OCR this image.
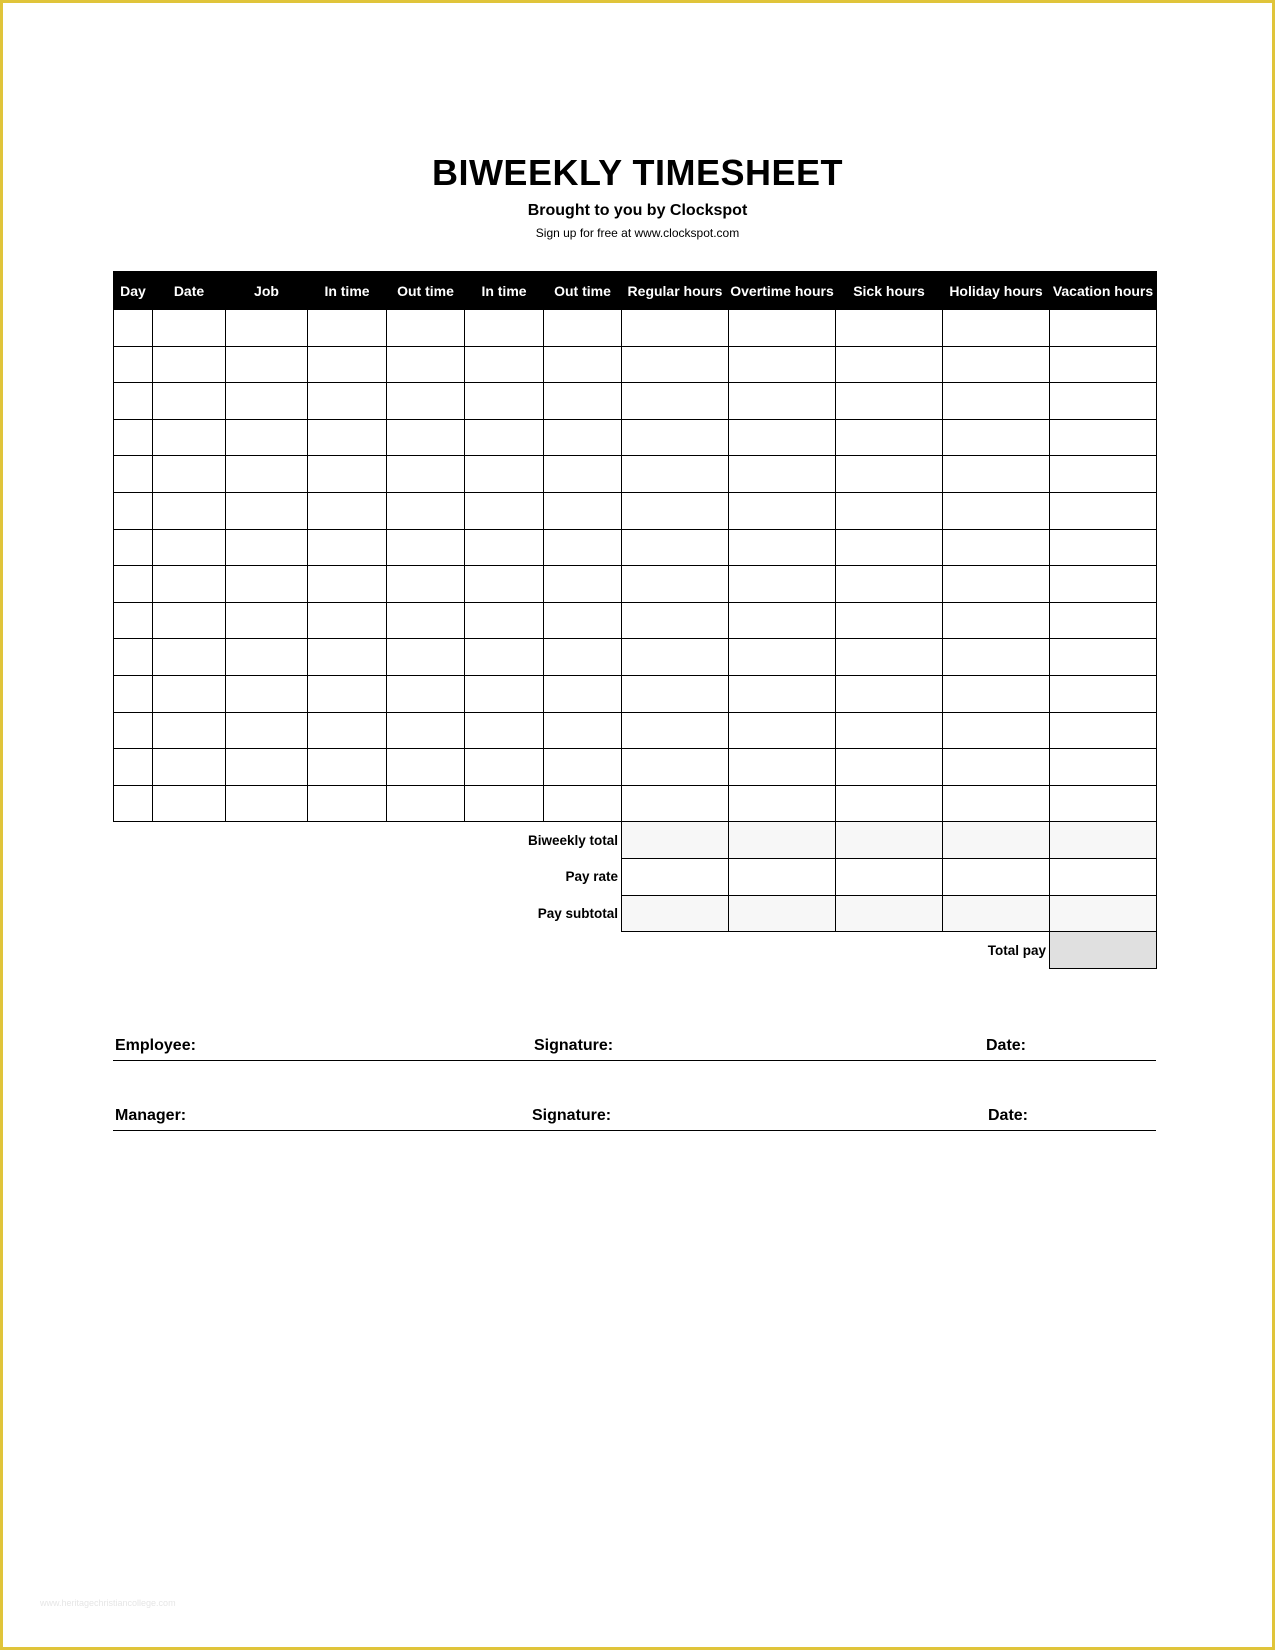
BIWEEKLY TIMESHEET
Brought to you by Clockspot
Sign up for free at www.clockspot.com
Day	Date	Job	In time	Out time	In time	Out time	Regular hours	Overtime hours	Sick hours	Holiday hours	Vacation hours

Biweekly total											
Pay rate											
Pay subtotal											
Total pay											
Employee:	Signature:	Date:
Manager:	Signature:	Date:
www.heritagechristiancollege.com
